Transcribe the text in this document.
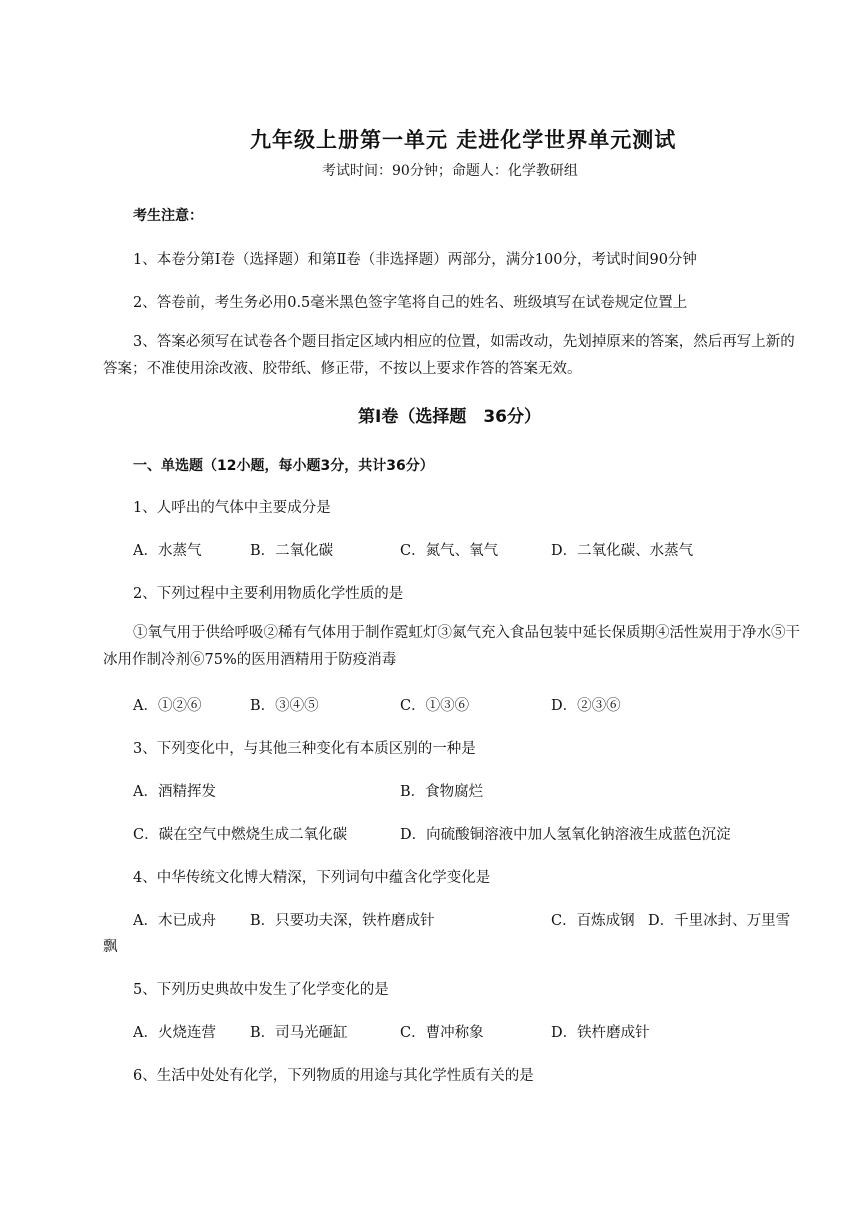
九年级上册第一单元 走进化学世界单元测试
考试时间：90分钟；命题人：化学教研组
考生注意：
1、本卷分第Ⅰ卷（选择题）和第Ⅱ卷（非选择题）两部分，满分100分，考试时间90分钟
2、答卷前，考生务必用0.5毫米黑色签字笔将自己的姓名、班级填写在试卷规定位置上
3、答案必须写在试卷各个题目指定区域内相应的位置，如需改动，先划掉原来的答案，然后再写上新的答案；不准使用涂改液、胶带纸、修正带，不按以上要求作答的答案无效。
第Ⅰ卷（选择题　36分）
一、单选题（12小题，每小题3分，共计36分）
1、人呼出的气体中主要成分是
A．水蒸气	B．二氧化碳	C．氮气、氧气	D．二氧化碳、水蒸气
2、下列过程中主要利用物质化学性质的是
①氧气用于供给呼吸②稀有气体用于制作霓虹灯③氮气充入食品包装中延长保质期④活性炭用于净水⑤干冰用作制冷剂⑥75%的医用酒精用于防疫消毒
A．①②⑥	B．③④⑤	C．①③⑥	D．②③⑥
3、下列变化中，与其他三种变化有本质区别的一种是
A．酒精挥发	B．食物腐烂
C．碳在空气中燃烧生成二氧化碳	D．向硫酸铜溶液中加人氢氧化钠溶液生成蓝色沉淀
4、中华传统文化博大精深，下列词句中蕴含化学变化是
A．木已成舟 B．只要功夫深，铁杵磨成针	C．百炼成钢 D．千里冰封、万里雪
飘
5、下列历史典故中发生了化学变化的是
A．火烧连营 B．司马光砸缸	C．曹冲称象	D．铁杵磨成针
6、生活中处处有化学，下列物质的用途与其化学性质有关的是
